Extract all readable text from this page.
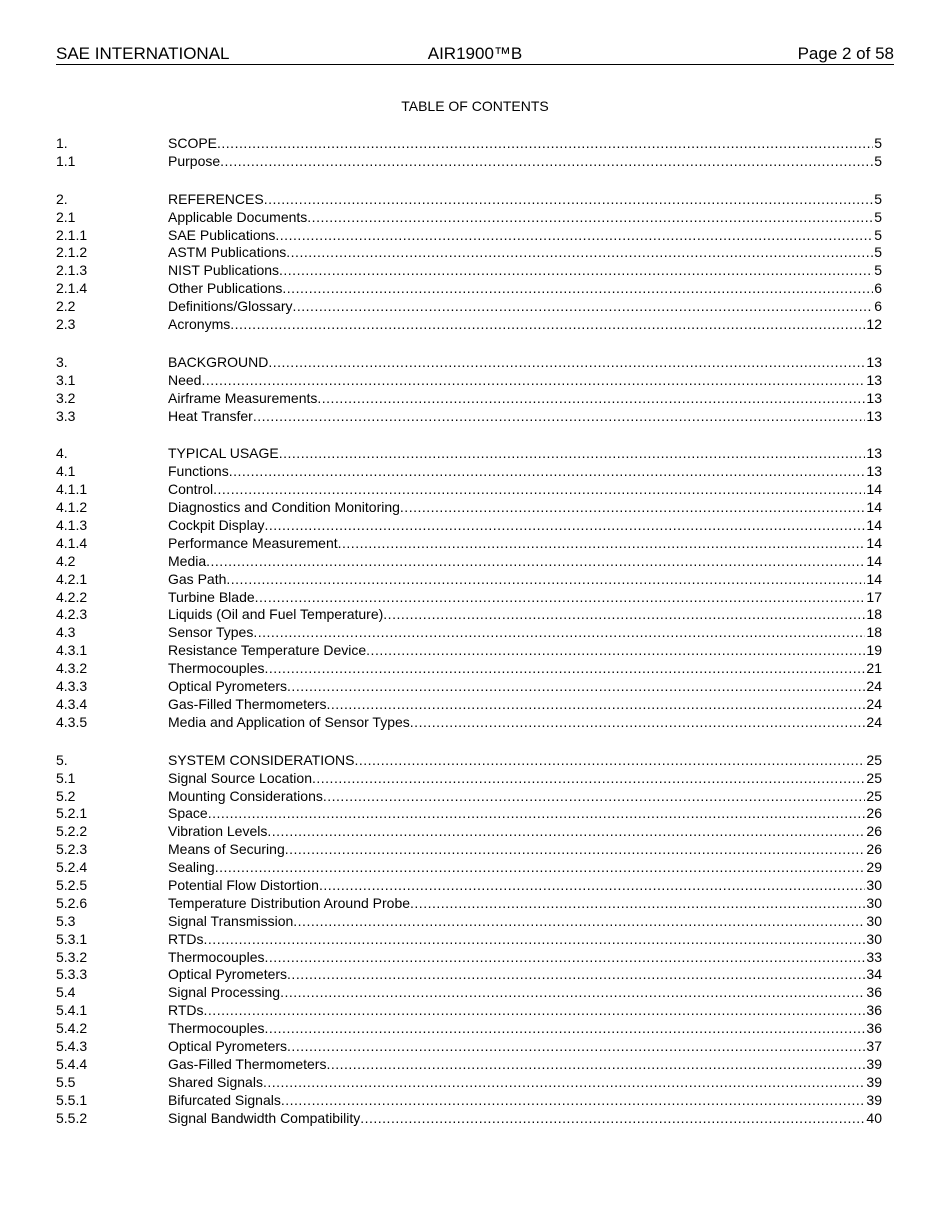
SAE INTERNATIONAL	AIR1900™B	Page 2 of 58
TABLE OF CONTENTS
1.	SCOPE .....	5
1.1	Purpose .....	5
2.	REFERENCES .....	5
2.1	Applicable Documents .....	5
2.1.1	SAE Publications .....	5
2.1.2	ASTM Publications .....	5
2.1.3	NIST Publications .....	5
2.1.4	Other Publications .....	6
2.2	Definitions/Glossary .....	6
2.3	Acronyms .....	12
3.	BACKGROUND .....	13
3.1	Need .....	13
3.2	Airframe Measurements .....	13
3.3	Heat Transfer .....	13
4.	TYPICAL USAGE .....	13
4.1	Functions .....	13
4.1.1	Control .....	14
4.1.2	Diagnostics and Condition Monitoring .....	14
4.1.3	Cockpit Display .....	14
4.1.4	Performance Measurement .....	14
4.2	Media .....	14
4.2.1	Gas Path .....	14
4.2.2	Turbine Blade .....	17
4.2.3	Liquids (Oil and Fuel Temperature) .....	18
4.3	Sensor Types .....	18
4.3.1	Resistance Temperature Device .....	19
4.3.2	Thermocouples .....	21
4.3.3	Optical Pyrometers .....	24
4.3.4	Gas-Filled Thermometers .....	24
4.3.5	Media and Application of Sensor Types .....	24
5.	SYSTEM CONSIDERATIONS .....	25
5.1	Signal Source Location .....	25
5.2	Mounting Considerations .....	25
5.2.1	Space .....	26
5.2.2	Vibration Levels .....	26
5.2.3	Means of Securing .....	26
5.2.4	Sealing .....	29
5.2.5	Potential Flow Distortion .....	30
5.2.6	Temperature Distribution Around Probe .....	30
5.3	Signal Transmission .....	30
5.3.1	RTDs .....	30
5.3.2	Thermocouples .....	33
5.3.3	Optical Pyrometers .....	34
5.4	Signal Processing .....	36
5.4.1	RTDs .....	36
5.4.2	Thermocouples .....	36
5.4.3	Optical Pyrometers .....	37
5.4.4	Gas-Filled Thermometers .....	39
5.5	Shared Signals .....	39
5.5.1	Bifurcated Signals .....	39
5.5.2	Signal Bandwidth Compatibility .....	40
